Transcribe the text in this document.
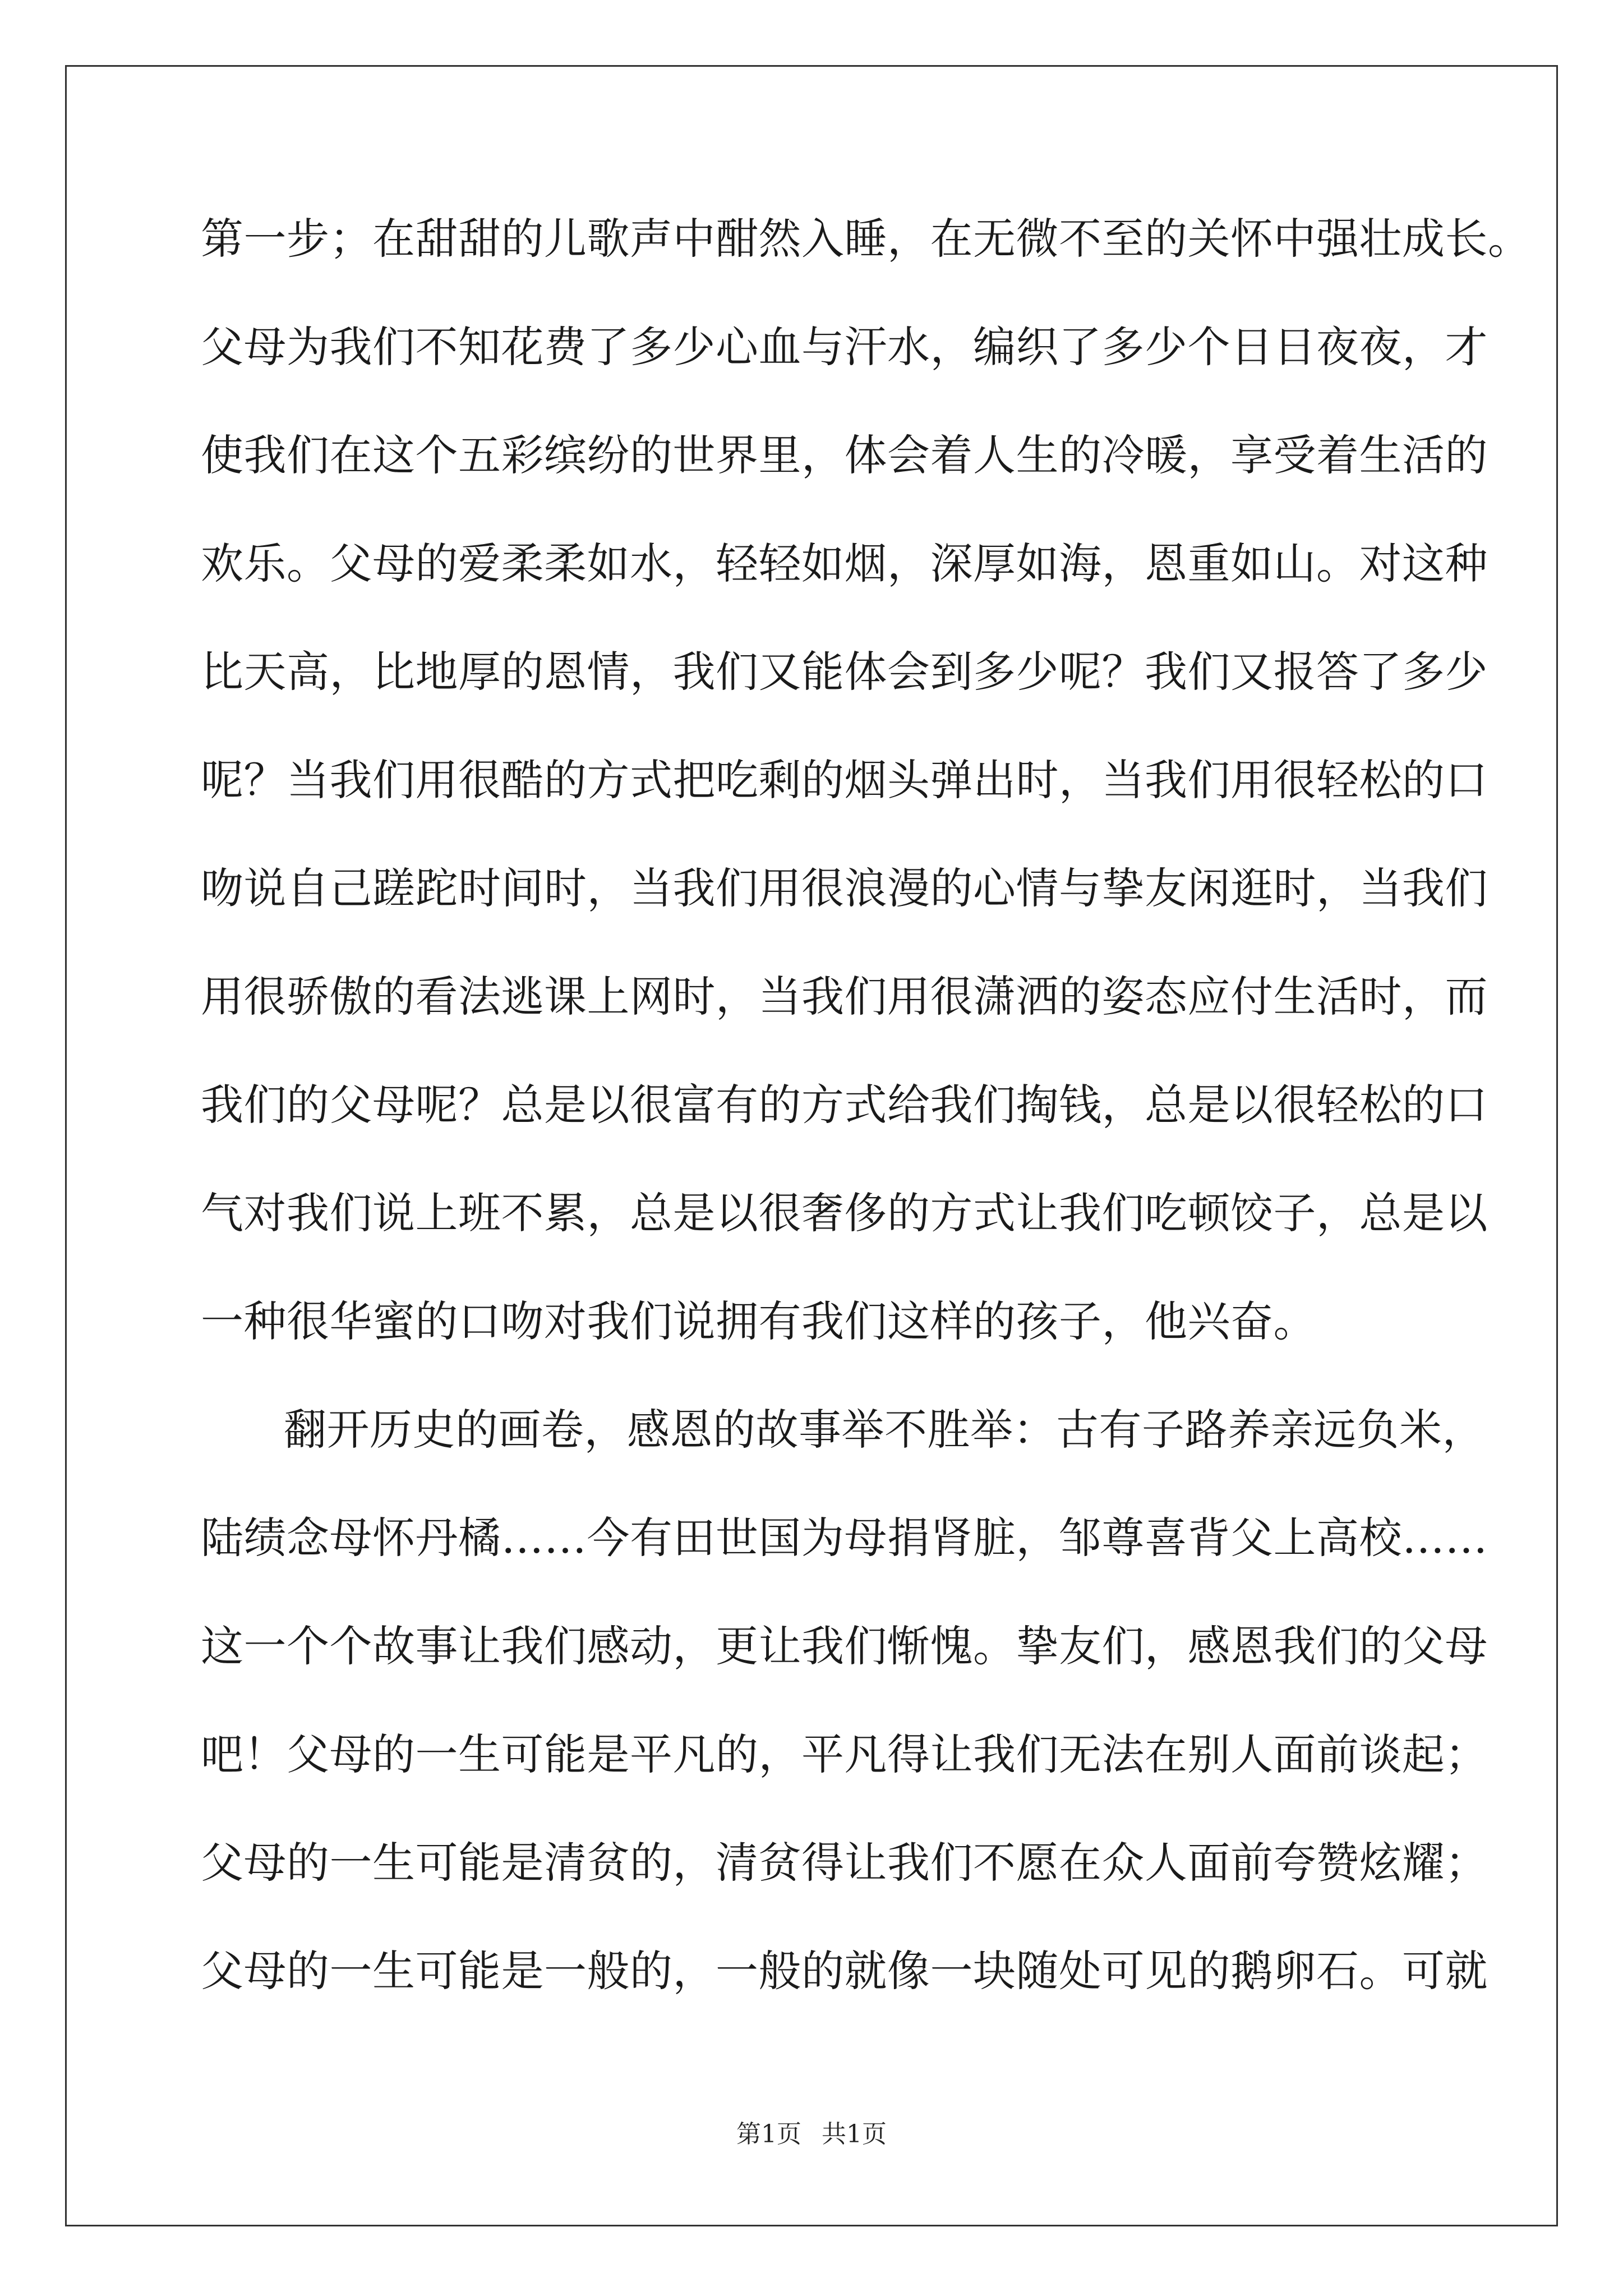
第一步；在甜甜的儿歌声中酣然入睡，在无微不至的关怀中强壮成长。
父母为我们不知花费了多少心血与汗水，编织了多少个日日夜夜，才
使我们在这个五彩缤纷的世界里，体会着人生的冷暖，享受着生活的
欢乐。父母的爱柔柔如水，轻轻如烟，深厚如海，恩重如山。对这种
比天高，比地厚的恩情，我们又能体会到多少呢？我们又报答了多少
呢？当我们用很酷的方式把吃剩的烟头弹出时，当我们用很轻松的口
吻说自己蹉跎时间时，当我们用很浪漫的心情与挚友闲逛时，当我们
用很骄傲的看法逃课上网时，当我们用很潇洒的姿态应付生活时，而
我们的父母呢？总是以很富有的方式给我们掏钱，总是以很轻松的口
气对我们说上班不累，总是以很奢侈的方式让我们吃顿饺子，总是以
一种很华蜜的口吻对我们说拥有我们这样的孩子，他兴奋。
翻开历史的画卷，感恩的故事举不胜举：古有子路养亲远负米，
陆绩念母怀丹橘……今有田世国为母捐肾脏，邹尊喜背父上高校……
这一个个故事让我们感动，更让我们惭愧。挚友们，感恩我们的父母
吧！父母的一生可能是平凡的，平凡得让我们无法在别人面前谈起；
父母的一生可能是清贫的，清贫得让我们不愿在众人面前夸赞炫耀；
父母的一生可能是一般的，一般的就像一块随处可见的鹅卵石。可就
第1页 共1页
